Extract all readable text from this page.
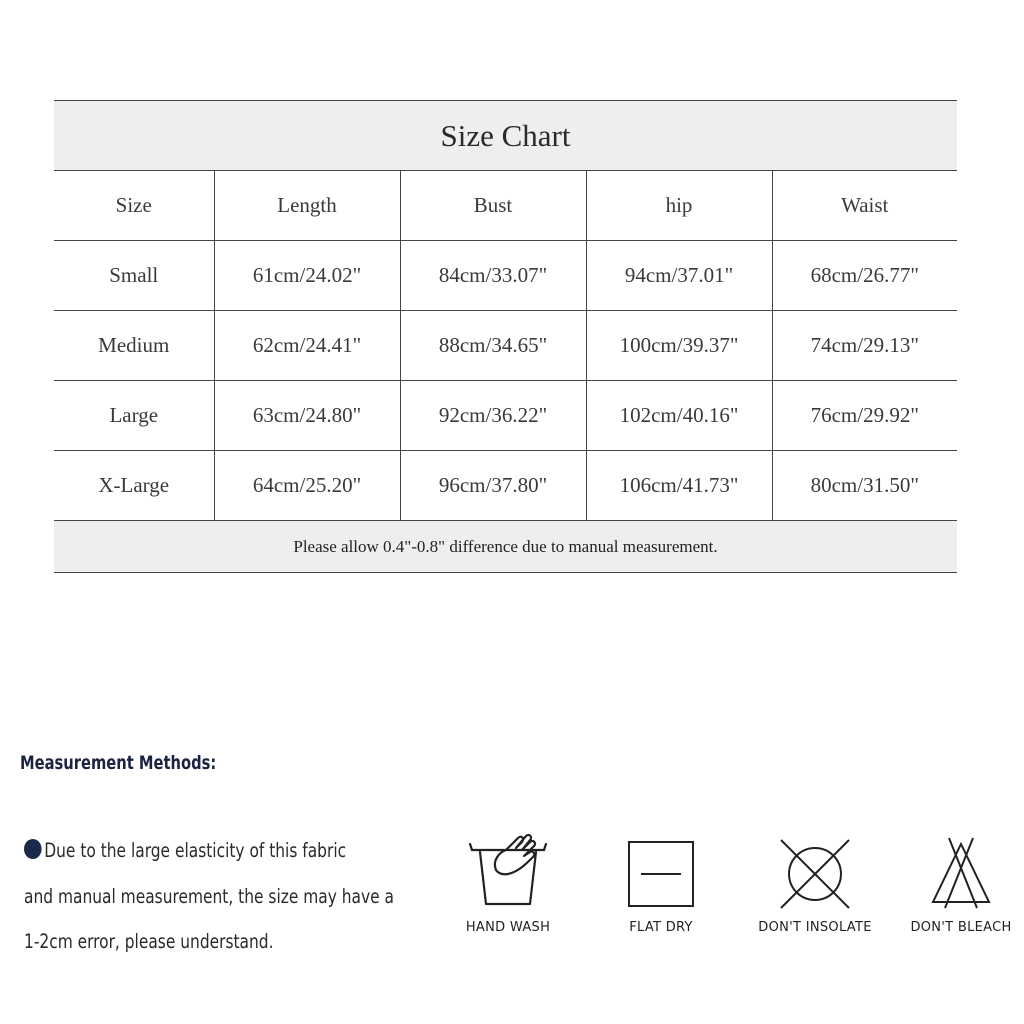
Size Chart				
Size	Length	Bust	hip	Waist
Small	61cm/24.02"	84cm/33.07"	94cm/37.01"	68cm/26.77"
Medium	62cm/24.41"	88cm/34.65"	100cm/39.37"	74cm/29.13"
Large	63cm/24.80"	92cm/36.22"	102cm/40.16"	76cm/29.92"
X-Large	64cm/25.20"	96cm/37.80"	106cm/41.73"	80cm/31.50"
Please allow 0.4"-0.8" difference due to manual measurement.				
Measurement Methods:
Due to the large elasticity of this fabric
and manual measurement, the size may have a
1-2cm error, please understand.
HAND WASH	FLAT DRY	DON'T INSOLATE	DON'T BLEACH
